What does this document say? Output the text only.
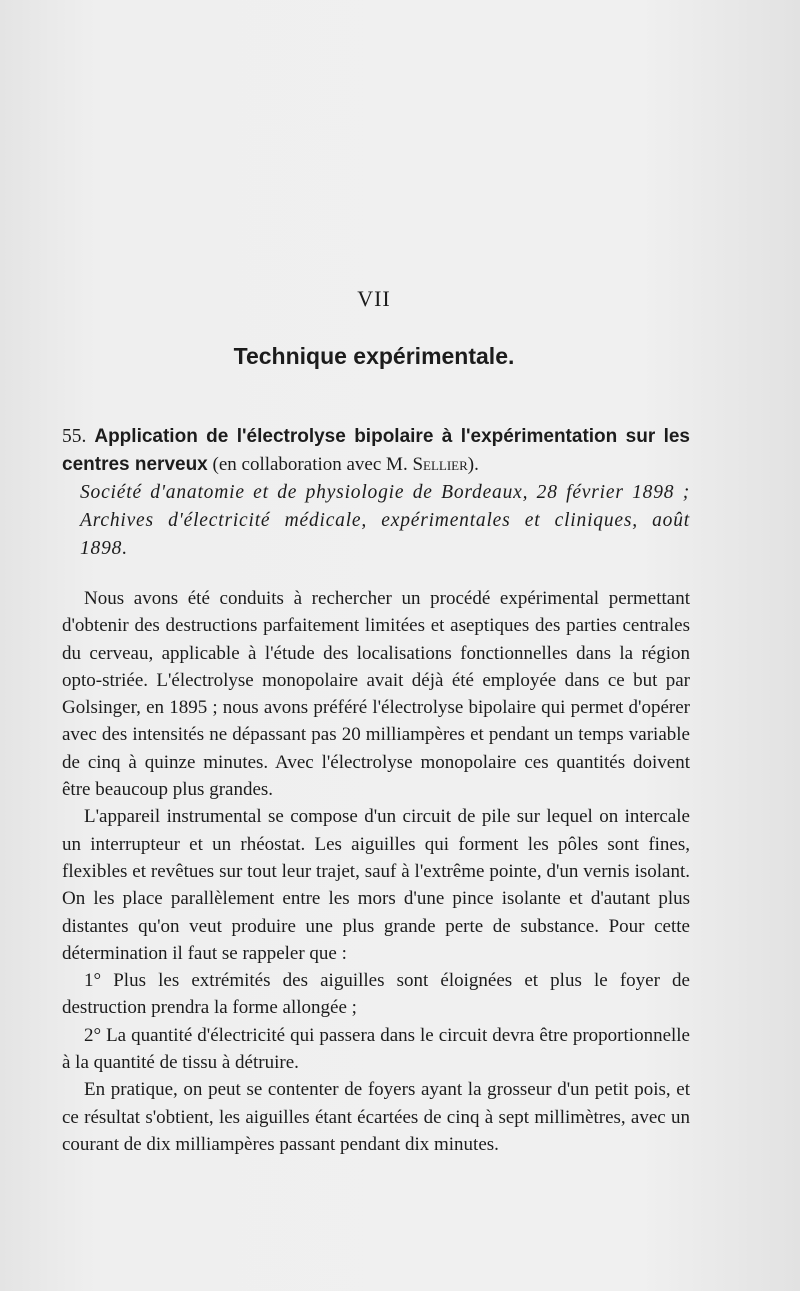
VII
Technique expérimentale.
55. Application de l'électrolyse bipolaire à l'expérimentation sur les centres nerveux (en collaboration avec M. Sellier).
Société d'anatomie et de physiologie de Bordeaux, 28 février 1898 ; Archives d'électricité médicale, expérimentales et cliniques, août 1898.

Nous avons été conduits à rechercher un procédé expérimental permettant d'obtenir des destructions parfaitement limitées et aseptiques des parties centrales du cerveau, applicable à l'étude des localisations fonctionnelles dans la région opto-striée. L'électrolyse monopolaire avait déjà été employée dans ce but par Golsinger, en 1895 ; nous avons préféré l'électrolyse bipolaire qui permet d'opérer avec des intensités ne dépassant pas 20 milliampères et pendant un temps variable de cinq à quinze minutes. Avec l'électrolyse monopolaire ces quantités doivent être beaucoup plus grandes.

L'appareil instrumental se compose d'un circuit de pile sur lequel on intercale un interrupteur et un rhéostat. Les aiguilles qui forment les pôles sont fines, flexibles et revêtues sur tout leur trajet, sauf à l'extrême pointe, d'un vernis isolant. On les place parallèlement entre les mors d'une pince isolante et d'autant plus distantes qu'on veut produire une plus grande perte de substance. Pour cette détermination il faut se rappeler que :

1° Plus les extrémités des aiguilles sont éloignées et plus le foyer de destruction prendra la forme allongée ;

2° La quantité d'électricité qui passera dans le circuit devra être proportionnelle à la quantité de tissu à détruire.

En pratique, on peut se contenter de foyers ayant la grosseur d'un petit pois, et ce résultat s'obtient, les aiguilles étant écartées de cinq à sept millimètres, avec un courant de dix milliampères passant pendant dix minutes.
